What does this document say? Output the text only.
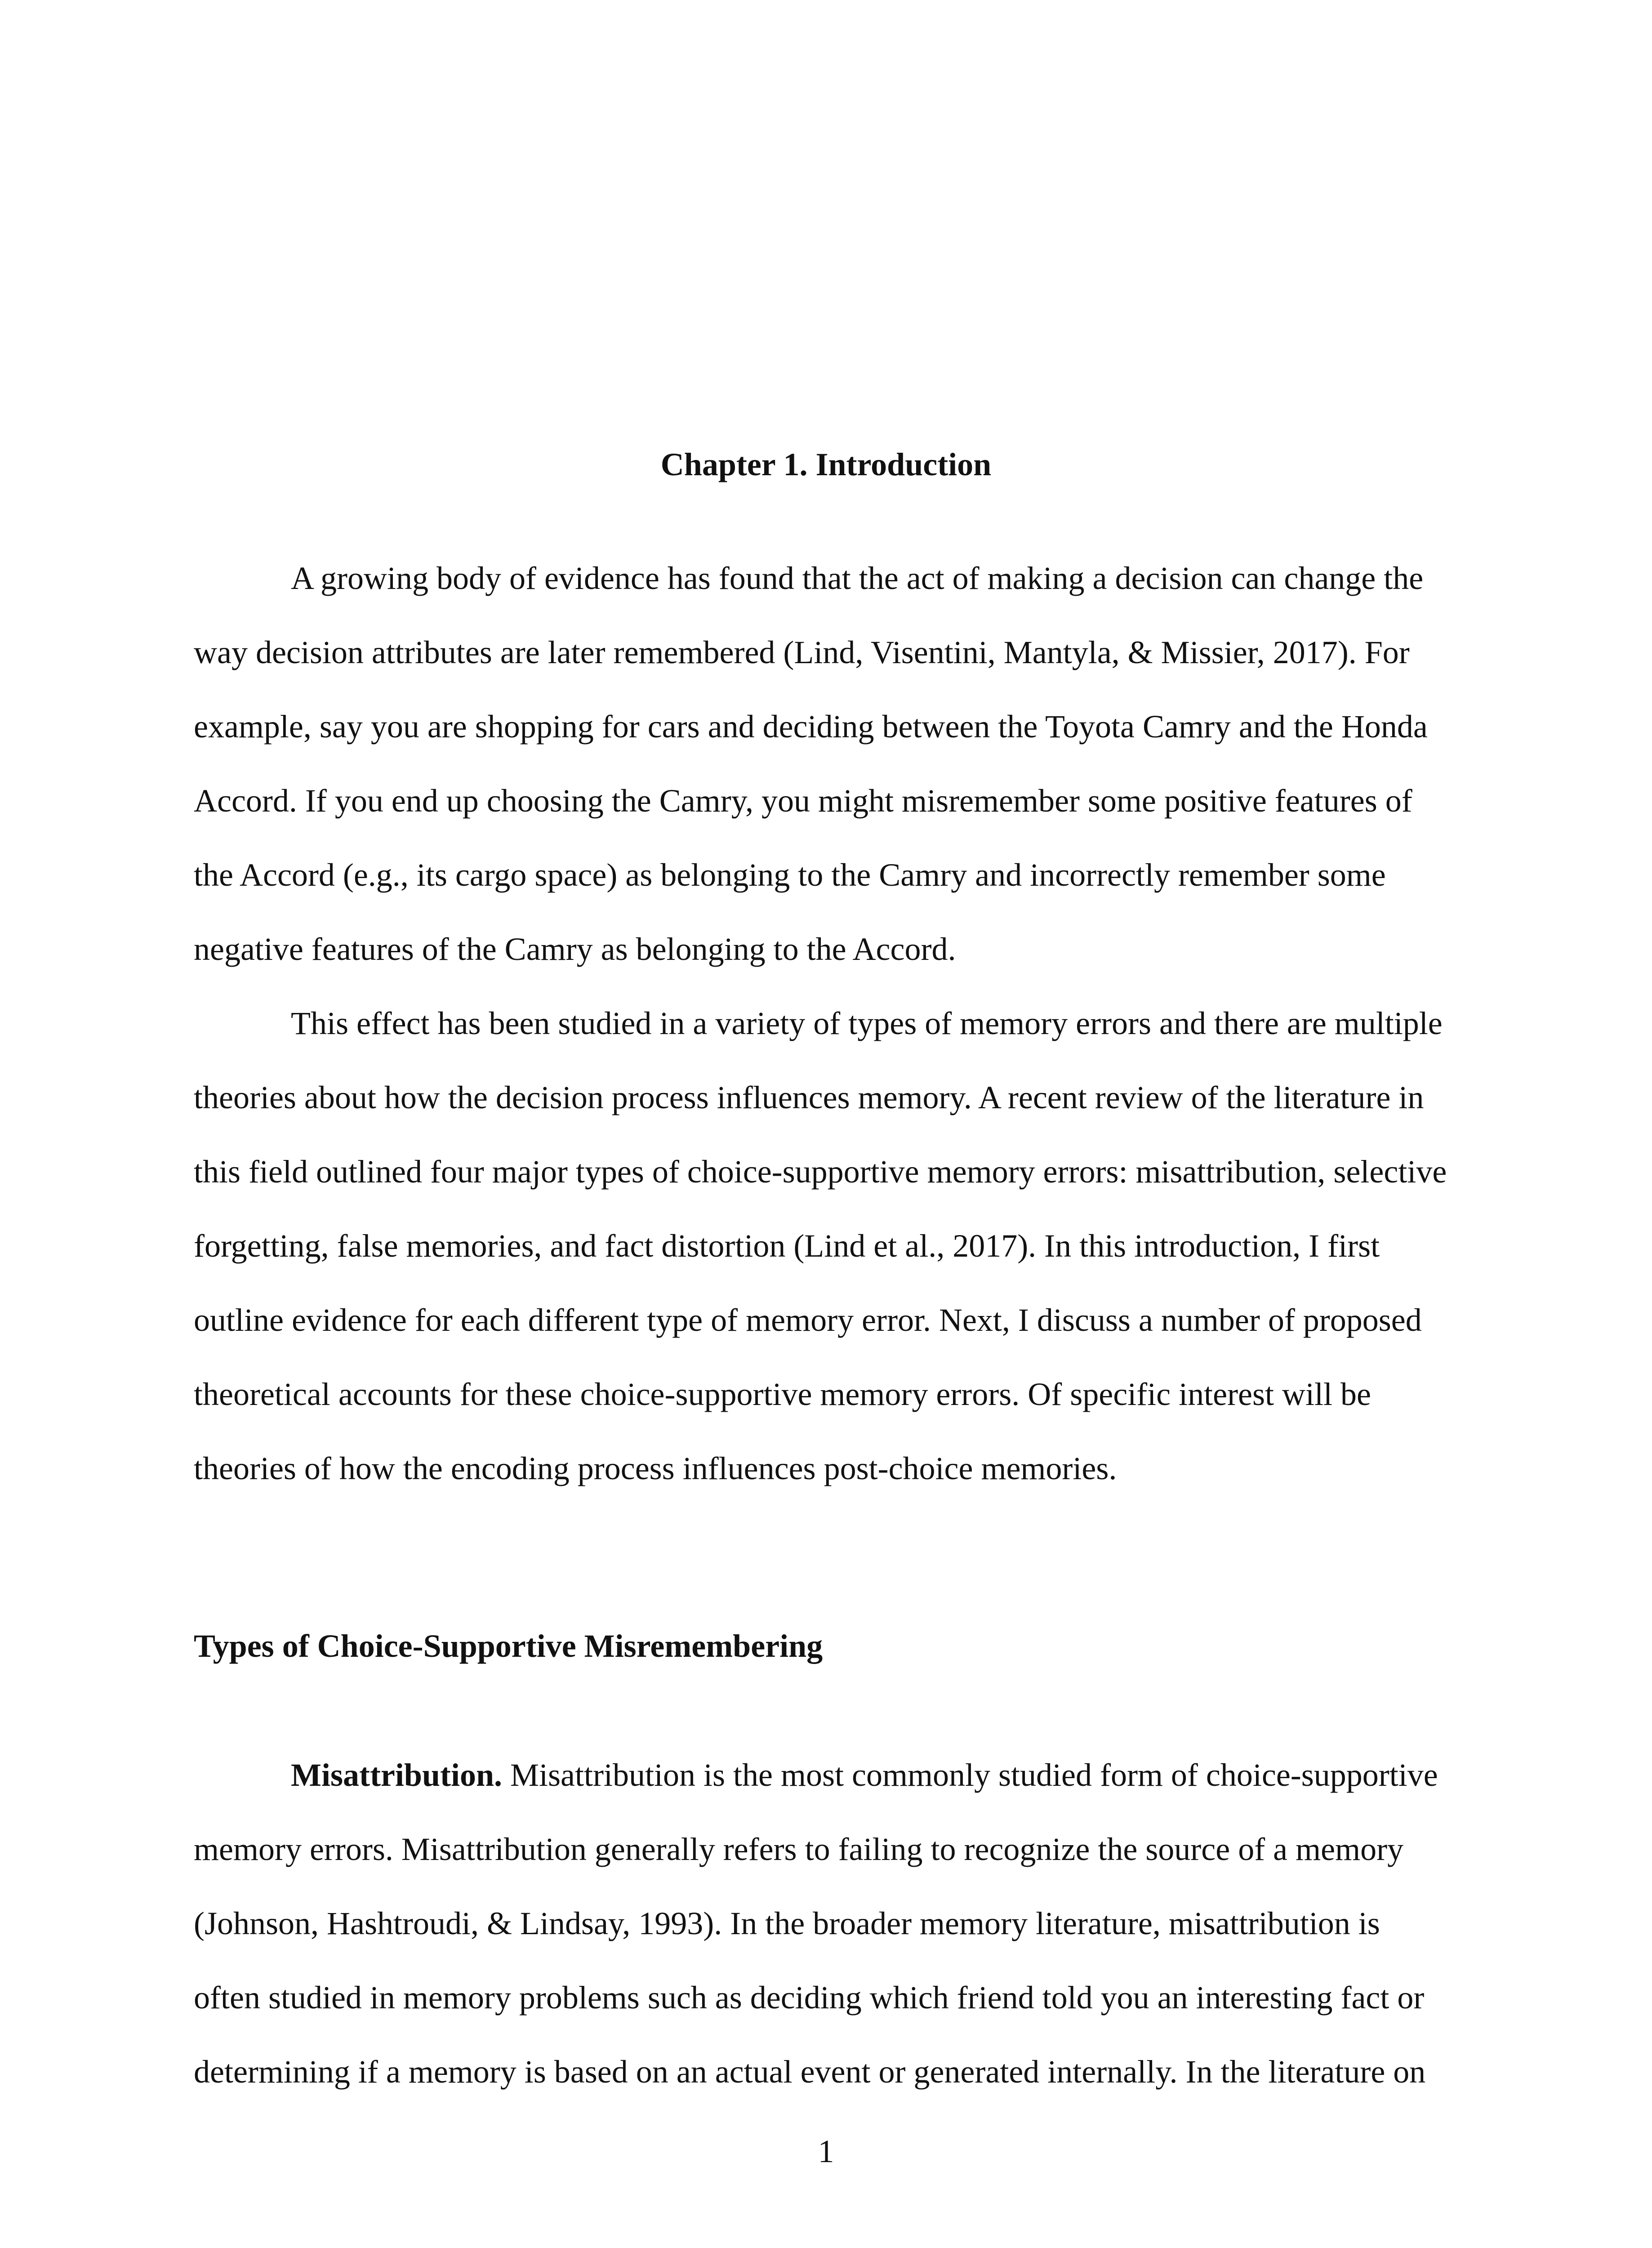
Chapter 1. Introduction

A growing body of evidence has found that the act of making a decision can change the way decision attributes are later remembered (Lind, Visentini, Mantyla, & Missier, 2017). For example, say you are shopping for cars and deciding between the Toyota Camry and the Honda Accord. If you end up choosing the Camry, you might misremember some positive features of the Accord (e.g., its cargo space) as belonging to the Camry and incorrectly remember some negative features of the Camry as belonging to the Accord.

This effect has been studied in a variety of types of memory errors and there are multiple theories about how the decision process influences memory. A recent review of the literature in this field outlined four major types of choice-supportive memory errors: misattribution, selective forgetting, false memories, and fact distortion (Lind et al., 2017). In this introduction, I first outline evidence for each different type of memory error. Next, I discuss a number of proposed theoretical accounts for these choice-supportive memory errors. Of specific interest will be theories of how the encoding process influences post-choice memories.

Types of Choice-Supportive Misremembering

Misattribution. Misattribution is the most commonly studied form of choice-supportive memory errors. Misattribution generally refers to failing to recognize the source of a memory (Johnson, Hashtroudi, & Lindsay, 1993). In the broader memory literature, misattribution is often studied in memory problems such as deciding which friend told you an interesting fact or determining if a memory is based on an actual event or generated internally. In the literature on

1
